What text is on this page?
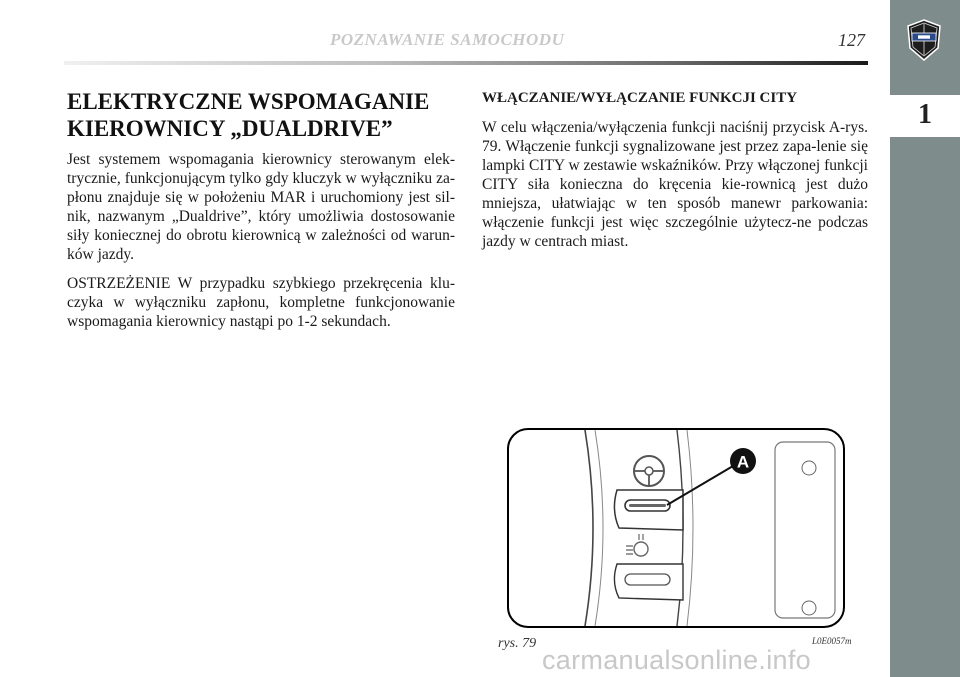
POZNAWANIE SAMOCHODU	127
1
ELEKTRYCZNE WSPOMAGANIE
KIEROWNICY „DUALDRIVE”

Jest systemem wspomagania kierownicy sterowanym elek-trycznie, funkcjonującym tylko gdy kluczyk w wyłączniku za-płonu znajduje się w położeniu MAR i uruchomiony jest sil-nik, nazwanym „Dualdrive”, który umożliwia dostosowanie siły koniecznej do obrotu kierownicą w zależności od warun-ków jazdy.

OSTRZEŻENIE W przypadku szybkiego przekręcenia klu-czyka w wyłączniku zapłonu, kompletne funkcjonowanie wspomagania kierownicy nastąpi po 1-2 sekundach.

WŁĄCZANIE/WYŁĄCZANIE FUNKCJI CITY

W celu włączenia/wyłączenia funkcji naciśnij przycisk A-rys. 79. Włączenie funkcji sygnalizowane jest przez zapa-lenie się lampki CITY w zestawie wskaźników. Przy włączonej funkcji CITY siła konieczna do kręcenia kie-rownicą jest dużo mniejsza, ułatwiając w ten sposób manewr parkowania: włączenie funkcji jest więc szczególnie użytecz-ne podczas jazdy w centrach miast.

A
rys. 79	L0E0057m
carmanualsonline.info
